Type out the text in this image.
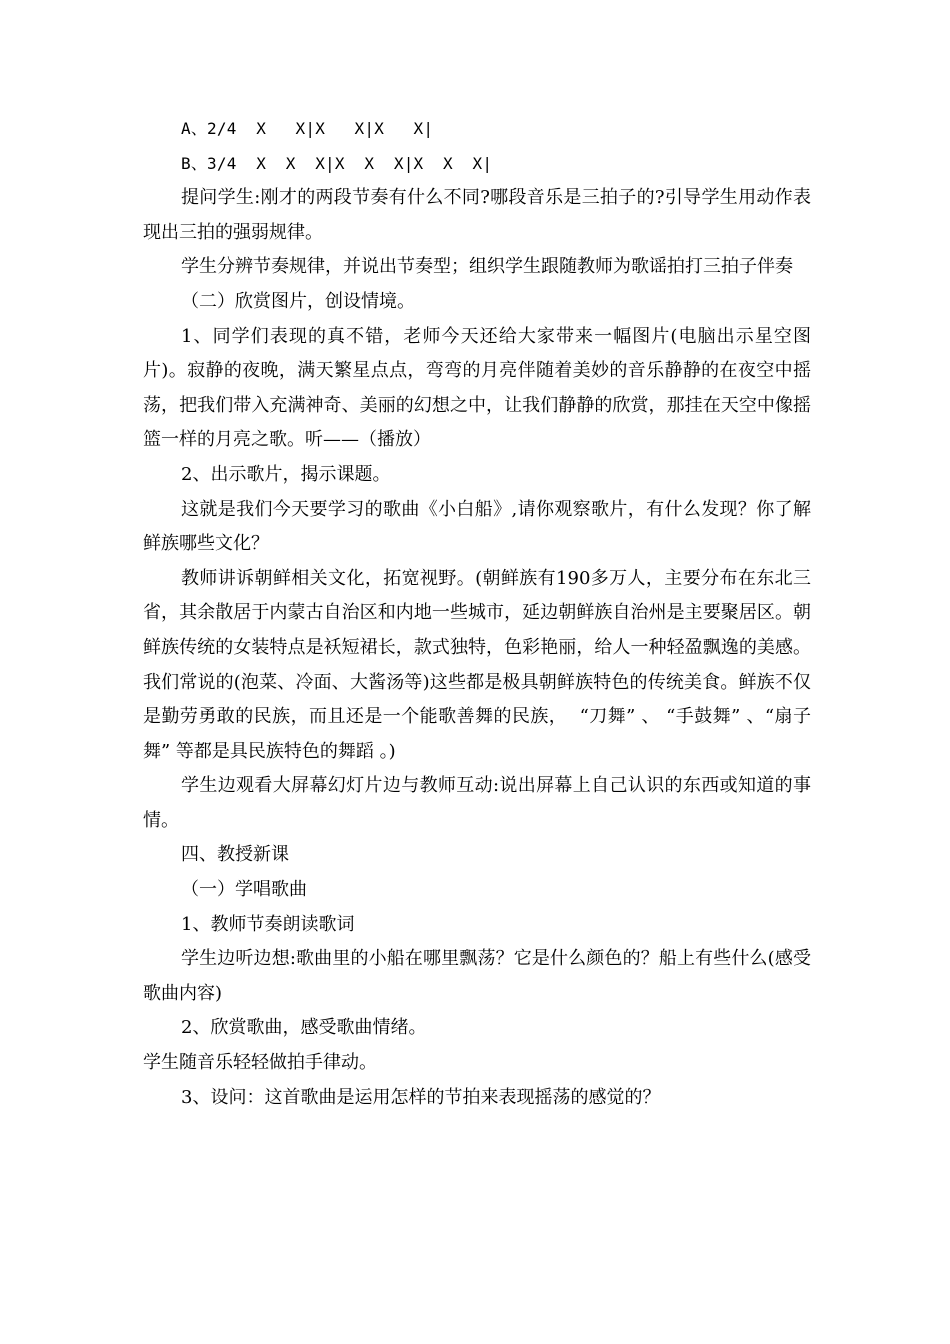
A、2/4  X   X|X   X|X   X|

B、3/4  X  X  X|X  X  X|X  X  X|

提问学生:刚才的两段节奏有什么不同?哪段音乐是三拍子的?引导学生用动作表现出三拍的强弱规律。

学生分辨节奏规律，并说出节奏型；组织学生跟随教师为歌谣拍打三拍子伴奏

（二）欣赏图片，创设情境。

1、同学们表现的真不错，老师今天还给大家带来一幅图片(电脑出示星空图片)。寂静的夜晚，满天繁星点点，弯弯的月亮伴随着美妙的音乐静静的在夜空中摇荡，把我们带入充满神奇、美丽的幻想之中，让我们静静的欣赏，那挂在天空中像摇篮一样的月亮之歌。听——（播放）

2、出示歌片，揭示课题。

这就是我们今天要学习的歌曲《小白船》,请你观察歌片，有什么发现？你了解鲜族哪些文化？

教师讲诉朝鲜相关文化，拓宽视野。(朝鲜族有190多万人，主要分布在东北三省，其余散居于内蒙古自治区和内地一些城市，延边朝鲜族自治州是主要聚居区。朝鲜族传统的女装特点是袄短裙长，款式独特，色彩艳丽，给人一种轻盈飘逸的美感。我们常说的(泡菜、冷面、大酱汤等)这些都是极具朝鲜族特色的传统美食。鲜族不仅是勤劳勇敢的民族，而且还是一个能歌善舞的民族，  “刀舞” 、 “手鼓舞” 、“扇子舞” 等都是具民族特色的舞蹈 。)

学生边观看大屏幕幻灯片边与教师互动:说出屏幕上自己认识的东西或知道的事情。

四、教授新课

（一）学唱歌曲

1、教师节奏朗读歌词

学生边听边想:歌曲里的小船在哪里飘荡？它是什么颜色的？船上有些什么(感受歌曲内容)

2、欣赏歌曲，感受歌曲情绪。

学生随音乐轻轻做拍手律动。

3、设问：这首歌曲是运用怎样的节拍来表现摇荡的感觉的？
